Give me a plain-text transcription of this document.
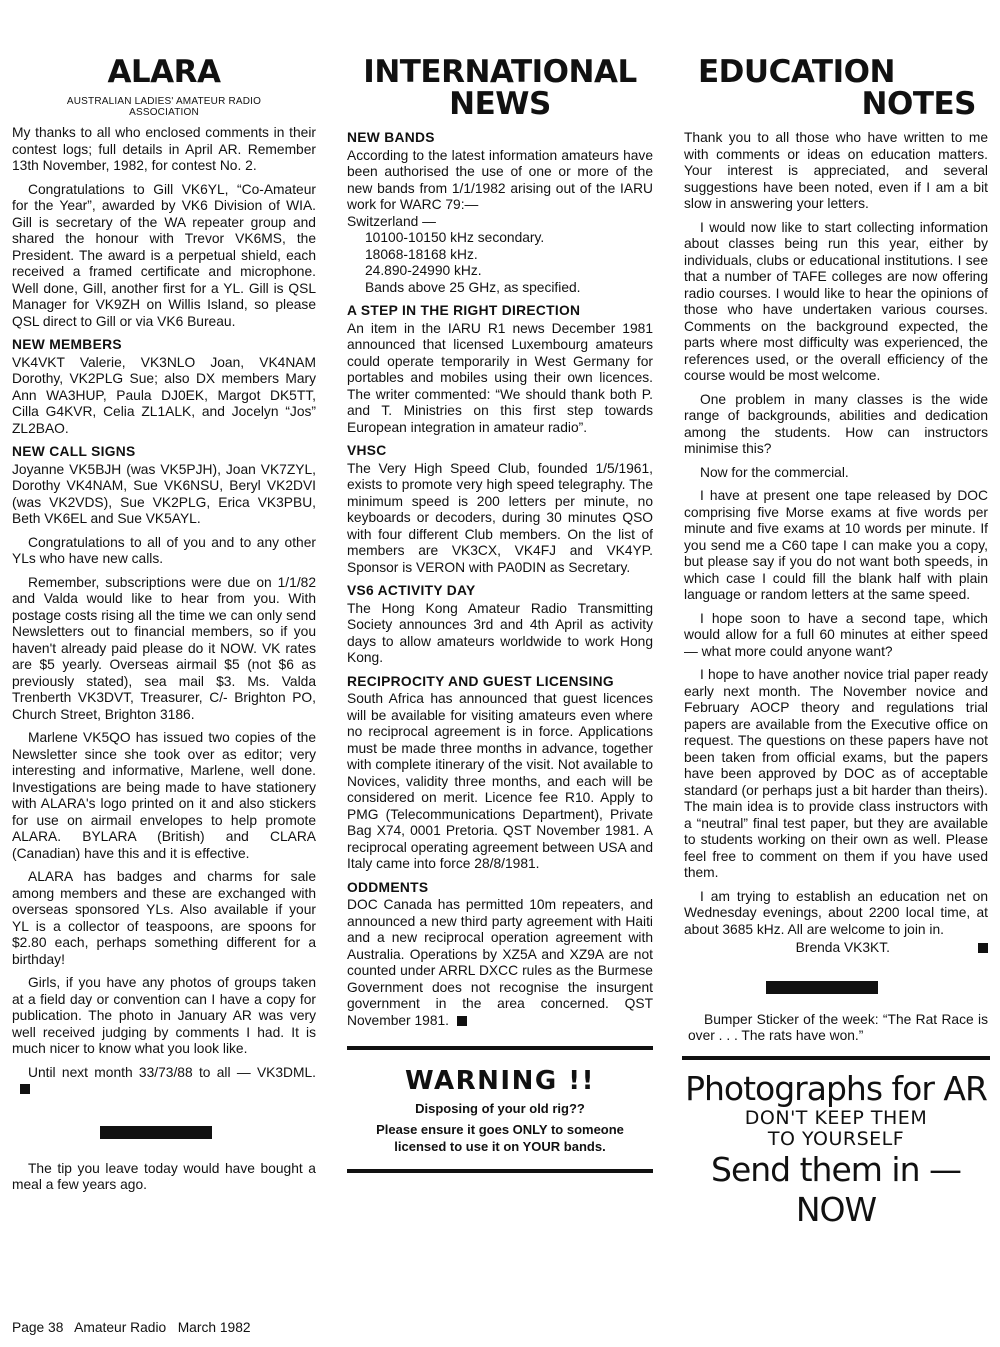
ALARA

AUSTRALIAN LADIES' AMATEUR RADIO ASSOCIATION

My thanks to all who enclosed comments in their contest logs; full details in April AR. Remember 13th November, 1982, for contest No. 2.

Congratulations to Gill VK6YL, “Co-Amateur for the Year”, awarded by VK6 Division of WIA. Gill is secretary of the WA repeater group and shared the honour with Trevor VK6MS, the President. The award is a perpetual shield, each received a framed certificate and microphone. Well done, Gill, another first for a YL. Gill is QSL Manager for VK9ZH on Willis Island, so please QSL direct to Gill or via VK6 Bureau.

NEW MEMBERS

VK4VKT Valerie, VK3NLO Joan, VK4NAM Dorothy, VK2PLG Sue; also DX members Mary Ann WA3HUP, Paula DJ0EK, Margot DK5TT, Cilla G4KVR, Celia ZL1ALK, and Jocelyn “Jos” ZL2BAO.

NEW CALL SIGNS

Joyanne VK5BJH (was VK5PJH), Joan VK7ZYL, Dorothy VK4NAM, Sue VK6NSU, Beryl VK2DVI (was VK2VDS), Sue VK2PLG, Erica VK3PBU, Beth VK6EL and Sue VK5AYL.

Congratulations to all of you and to any other YLs who have new calls.

Remember, subscriptions were due on 1/1/82 and Valda would like to hear from you. With postage costs rising all the time we can only send Newsletters out to financial members, so if you haven't already paid please do it NOW. VK rates are $5 yearly. Overseas airmail $5 (not $6 as previously stated), sea mail $3. Ms. Valda Trenberth VK3DVT, Treasurer, C/- Brighton PO, Church Street, Brighton 3186.

Marlene VK5QO has issued two copies of the Newsletter since she took over as editor; very interesting and informative, Marlene, well done. Investigations are being made to have stationery with ALARA's logo printed on it and also stickers for use on airmail envelopes to help promote ALARA. BYLARA (British) and CLARA (Canadian) have this and it is effective.

ALARA has badges and charms for sale among members and these are exchanged with overseas sponsored YLs. Also available if your YL is a collector of teaspoons, are spoons for $2.80 each, perhaps something different for a birthday!

Girls, if you have any photos of groups taken at a field day or convention can I have a copy for publication. The photo in January AR was very well received judging by comments I had. It is much nicer to know what you look like.

Until next month 33/73/88 to all — VK3DML.

The tip you leave today would have bought a meal a few years ago.

INTERNATIONAL
NEWS
NEW BANDS

According to the latest information amateurs have been authorised the use of one or more of the new bands from 1/1/1982 arising out of the IARU work for WARC 79:—

Switzerland —
10100-10150 kHz secondary.
18068-18168 kHz.
24.890-24990 kHz.
Bands above 25 GHz, as specified.
A STEP IN THE RIGHT DIRECTION

An item in the IARU R1 news December 1981 announced that licensed Luxembourg amateurs could operate temporarily in West Germany for portables and mobiles using their own licences. The writer commented: “We should thank both P. and T. Ministries on this first step towards European integration in amateur radio”.

VHSC

The Very High Speed Club, founded 1/5/1961, exists to promote very high speed telegraphy. The minimum speed is 200 letters per minute, no keyboards or decoders, during 30 minutes QSO with four different Club members. On the list of members are VK3CX, VK4FJ and VK4YP. Sponsor is VERON with PA0DIN as Secretary.

VS6 ACTIVITY DAY

The Hong Kong Amateur Radio Transmitting Society announces 3rd and 4th April as activity days to allow amateurs worldwide to work Hong Kong.

RECIPROCITY AND GUEST LICENSING

South Africa has announced that guest licences will be available for visiting amateurs even where no reciprocal agreement is in force. Applications must be made three months in advance, together with complete itinerary of the visit. Not available to Novices, validity three months, and each will be considered on merit. Licence fee R10. Apply to PMG (Telecommunications Department), Private Bag X74, 0001 Pretoria. QST November 1981. A reciprocal operating agreement between USA and Italy came into force 28/8/1981.

ODDMENTS

DOC Canada has permitted 10m repeaters, and announced a new third party agreement with Haiti and a new reciprocal operation agreement with Australia. Operations by XZ5A and XZ9A are not counted under ARRL DXCC rules as the Burmese Government does not recognise the insurgent government in the area concerned. QST November 1981.

WARNING !!

Disposing of your old rig??

Please ensure it goes ONLY to someone licensed to use it on YOUR bands.

EDUCATION
NOTES

Thank you to all those who have written to me with comments or ideas on education matters. Your interest is appreciated, and several suggestions have been noted, even if I am a bit slow in answering your letters.

I would now like to start collecting information about classes being run this year, either by individuals, clubs or educational institutions. I see that a number of TAFE colleges are now offering radio courses. I would like to hear the opinions of those who have undertaken various courses. Comments on the background expected, the parts where most difficulty was experienced, the references used, or the overall efficiency of the course would be most welcome.

One problem in many classes is the wide range of backgrounds, abilities and dedication among the students. How can instructors minimise this?

Now for the commercial.

I have at present one tape released by DOC comprising five Morse exams at five words per minute and five exams at 10 words per minute. If you send me a C60 tape I can make you a copy, but please say if you do not want both speeds, in which case I could fill the blank half with plain language or random letters at the same speed.

I hope soon to have a second tape, which would allow for a full 60 minutes at either speed — what more could anyone want?

I hope to have another novice trial paper ready early next month. The November novice and February AOCP theory and regulations trial papers are available from the Executive office on request. The questions on these papers have not been taken from official exams, but the papers have been approved by DOC as of acceptable standard (or perhaps just a bit harder than theirs). The main idea is to provide class instructors with a “neutral” final test paper, but they are available to students working on their own as well. Please feel free to comment on them if you have used them.

I am trying to establish an education net on Wednesday evenings, about 2200 local time, at about 3685 kHz. All are welcome to join in.

Brenda VK3KT.

Bumper Sticker of the week: “The Rat Race is over . . . The rats have won.”

Photographs for AR

DON'T KEEP THEM

TO YOURSELF

Send them in — NOW

Page 38 Amateur Radio March 1982
